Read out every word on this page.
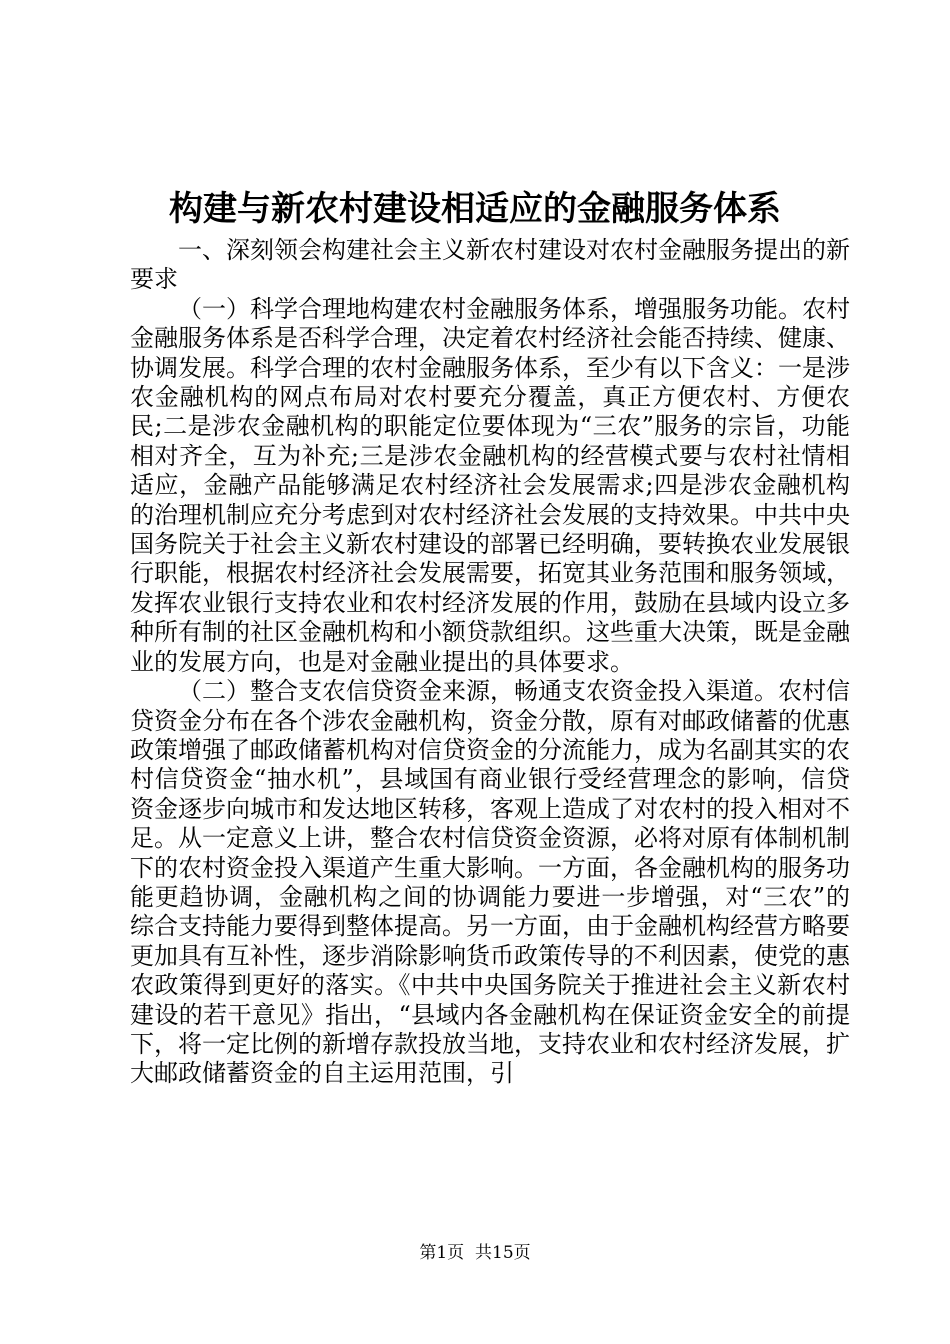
构建与新农村建设相适应的金融服务体系

一、深刻领会构建社会主义新农村建设对农村金融服务提出的新要求

（一）科学合理地构建农村金融服务体系，增强服务功能。农村金融服务体系是否科学合理，决定着农村经济社会能否持续、健康、协调发展。科学合理的农村金融服务体系，至少有以下含义：一是涉农金融机构的网点布局对农村要充分覆盖，真正方便农村、方便农民;二是涉农金融机构的职能定位要体现为“三农”服务的宗旨，功能相对齐全，互为补充;三是涉农金融机构的经营模式要与农村社情相适应，金融产品能够满足农村经济社会发展需求;四是涉农金融机构的治理机制应充分考虑到对农村经济社会发展的支持效果。中共中央国务院关于社会主义新农村建设的部署已经明确，要转换农业发展银行职能，根据农村经济社会发展需要，拓宽其业务范围和服务领域，发挥农业银行支持农业和农村经济发展的作用，鼓励在县域内设立多种所有制的社区金融机构和小额贷款组织。这些重大决策，既是金融业的发展方向，也是对金融业提出的具体要求。

（二）整合支农信贷资金来源，畅通支农资金投入渠道。农村信贷资金分布在各个涉农金融机构，资金分散，原有对邮政储蓄的优惠政策增强了邮政储蓄机构对信贷资金的分流能力，成为名副其实的农村信贷资金“抽水机”，县域国有商业银行受经营理念的影响，信贷资金逐步向城市和发达地区转移，客观上造成了对农村的投入相对不足。从一定意义上讲，整合农村信贷资金资源，必将对原有体制机制下的农村资金投入渠道产生重大影响。一方面，各金融机构的服务功能更趋协调，金融机构之间的协调能力要进一步增强，对“三农”的综合支持能力要得到整体提高。另一方面，由于金融机构经营方略要更加具有互补性，逐步消除影响货币政策传导的不利因素，使党的惠农政策得到更好的落实。《中共中央国务院关于推进社会主义新农村建设的若干意见》指出，“县域内各金融机构在保证资金安全的前提下，将一定比例的新增存款投放当地，支持农业和农村经济发展，扩大邮政储蓄资金的自主运用范围，引

第1页 共15页
